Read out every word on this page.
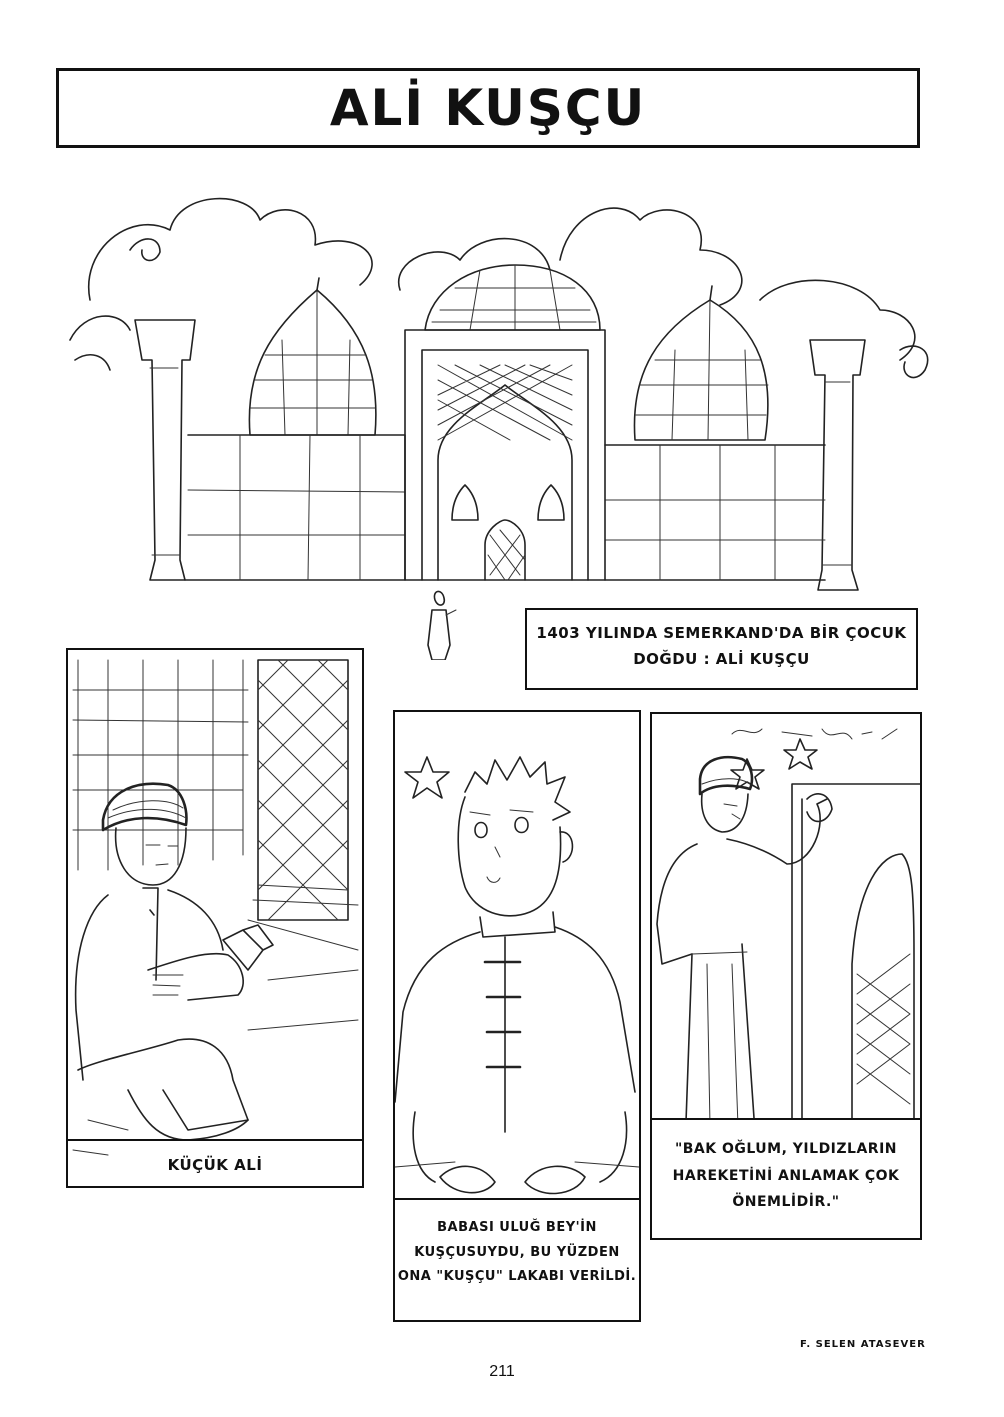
ALİ KUŞÇU
1403 YILINDA SEMERKAND'DA BİR ÇOCUK
DOĞDU : ALİ KUŞÇU
KÜÇÜK ALİ
BABASI ULUĞ BEY'İN
KUŞÇUSUYDU, BU YÜZDEN
ONA "KUŞÇU" LAKABI VERİLDİ.
"BAK OĞLUM, YILDIZLARIN
HAREKETİNİ ANLAMAK ÇOK
ÖNEMLİDİR."
F. SELEN ATASEVER
211
